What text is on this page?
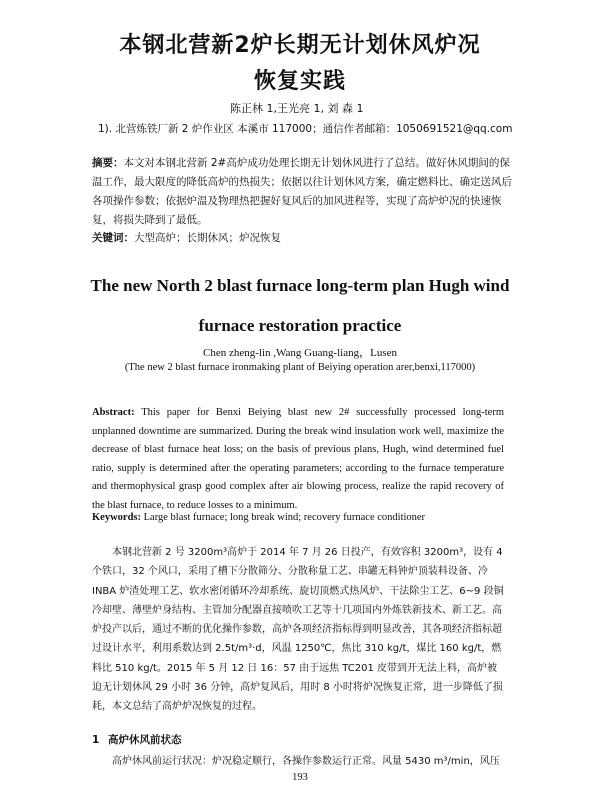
本钢北营新2炉长期无计划休风炉况
恢复实践
陈正林 1,王光亮 1, 刘 森 1
1). 北营炼铁厂新 2 炉作业区 本溪市 117000；通信作者邮箱：1050691521@qq.com
摘要：本文对本钢北营新 2#高炉成功处理长期无计划休风进行了总结。做好休风期间的保温工作，最大限度的降低高炉的热损失；依据以往计划休风方案，确定燃料比、确定送风后各项操作参数；依据炉温及物理热把握好复风后的加风进程等，实现了高炉炉况的快速恢复，将损失降到了最低。
关键词：大型高炉；长期休风；炉况恢复
The new North 2 blast furnace long-term plan Hugh wind
furnace restoration practice
Chen zheng-lin ,Wang Guang-liang，Lusen
(The new 2 blast furnace ironmaking plant of Beiying operation arer,benxi,117000)
Abstract: This paper for Benxi Beiying blast new 2# successfully processed long-term unplanned downtime are summarized. During the break wind insulation work well, maximize the decrease of blast furnace heat loss; on the basis of previous plans, Hugh, wind determined fuel ratio, supply is determined after the operating parameters; according to the furnace temperature and thermophysical grasp good complex after air blowing process, realize the rapid recovery of the blast furnace, to reduce losses to a minimum.
Keywords: Large blast furnace; long break wind; recovery furnace conditioner
本钢北营新 2 号 3200m³高炉于 2014 年 7 月 26 日投产，有效容积 3200m³，设有 4 个铁口，32 个风口，采用了槽下分散筛分、分散称量工艺、串罐无料钟炉顶装料设备、冷 INBA 炉渣处理工艺、软水密闭循环冷却系统、旋切顶燃式热风炉、干法除尘工艺、6~9 段铜冷却壁、薄壁炉身结构、主管加分配器直接喷吹工艺等十几项国内外炼铁新技术、新工艺。高炉投产以后，通过不断的优化操作参数，高炉各项经济指标得到明显改善，其各项经济指标超过设计水平，利用系数达到 2.5t/m³·d，风温 1250℃，焦比 310 kg/t，煤比 160 kg/t，燃料比 510 kg/t。2015 年 5 月 12 日 16：57 由于远焦 TC201 皮带到开无法上料，高炉被迫无计划休风 29 小时 36 分钟，高炉复风后，用时 8 小时将炉况恢复正常，进一步降低了损耗，本文总结了高炉炉况恢复的过程。
1 高炉休风前状态
高炉休风前运行状况：炉况稳定顺行，各操作参数运行正常。风量 5430 m³/min，风压
193
